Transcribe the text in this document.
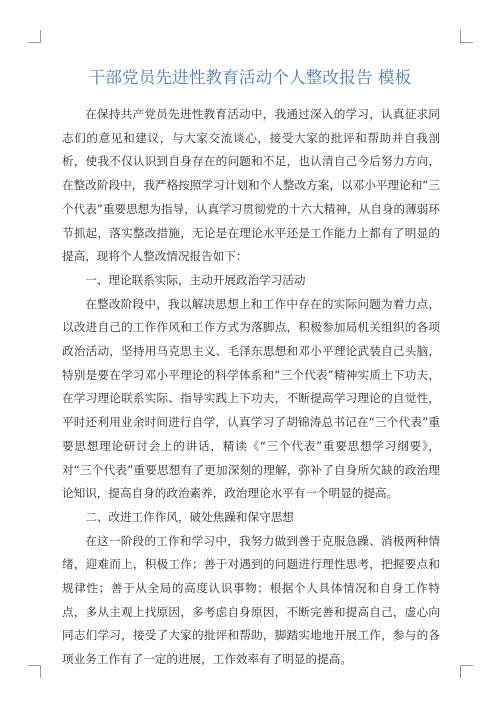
干部党员先进性教育活动个人整改报告 模板

在保持共产党员先进性教育活动中，我通过深入的学习，认真征求同志们的意见和建议，与大家交流谈心，接受大家的批评和帮助并自我剖析，使我不仅认识到自身存在的问题和不足，也认清自己今后努力方向，在整改阶段中，我严格按照学习计划和个人整改方案，以邓小平理论和“三个代表”重要思想为指导，认真学习贯彻党的十六大精神，从自身的薄弱环节抓起，落实整改措施，无论是在理论水平还是工作能力上都有了明显的提高，现将个人整改情况报告如下：

一、理论联系实际，主动开展政治学习活动

在整改阶段中，我以解决思想上和工作中存在的实际问题为着力点，以改进自己的工作作风和工作方式为落脚点，积极参加局机关组织的各项政治活动，坚持用马克思主义、毛泽东思想和邓小平理论武装自己头脑，特别是要在学习邓小平理论的科学体系和“三个代表”精神实质上下功夫，在学习理论联系实际、指导实践上下功夫，不断提高学习理论的自觉性，平时还利用业余时间进行自学，认真学习了胡锦涛总书记在“三个代表”重要思想理论研讨会上的讲话，精读《“三个代表”重要思想学习纲要》，对“三个代表”重要思想有了更加深刻的理解，弥补了自身所欠缺的政治理论知识，提高自身的政治素养，政治理论水平有一个明显的提高。

二、改进工作作风，破处焦躁和保守思想

在这一阶段的工作和学习中，我努力做到善于克服急躁、消极两种情绪，迎难而上，积极工作；善于对遇到的问题进行理性思考，把握要点和规律性；善于从全局的高度认识事物；根据个人具体情况和自身工作特点，多从主观上找原因，多考虑自身原因，不断完善和提高自己，虚心向同志们学习，接受了大家的批评和帮助，脚踏实地地开展工作，参与的各项业务工作有了一定的进展，工作效率有了明显的提高。
